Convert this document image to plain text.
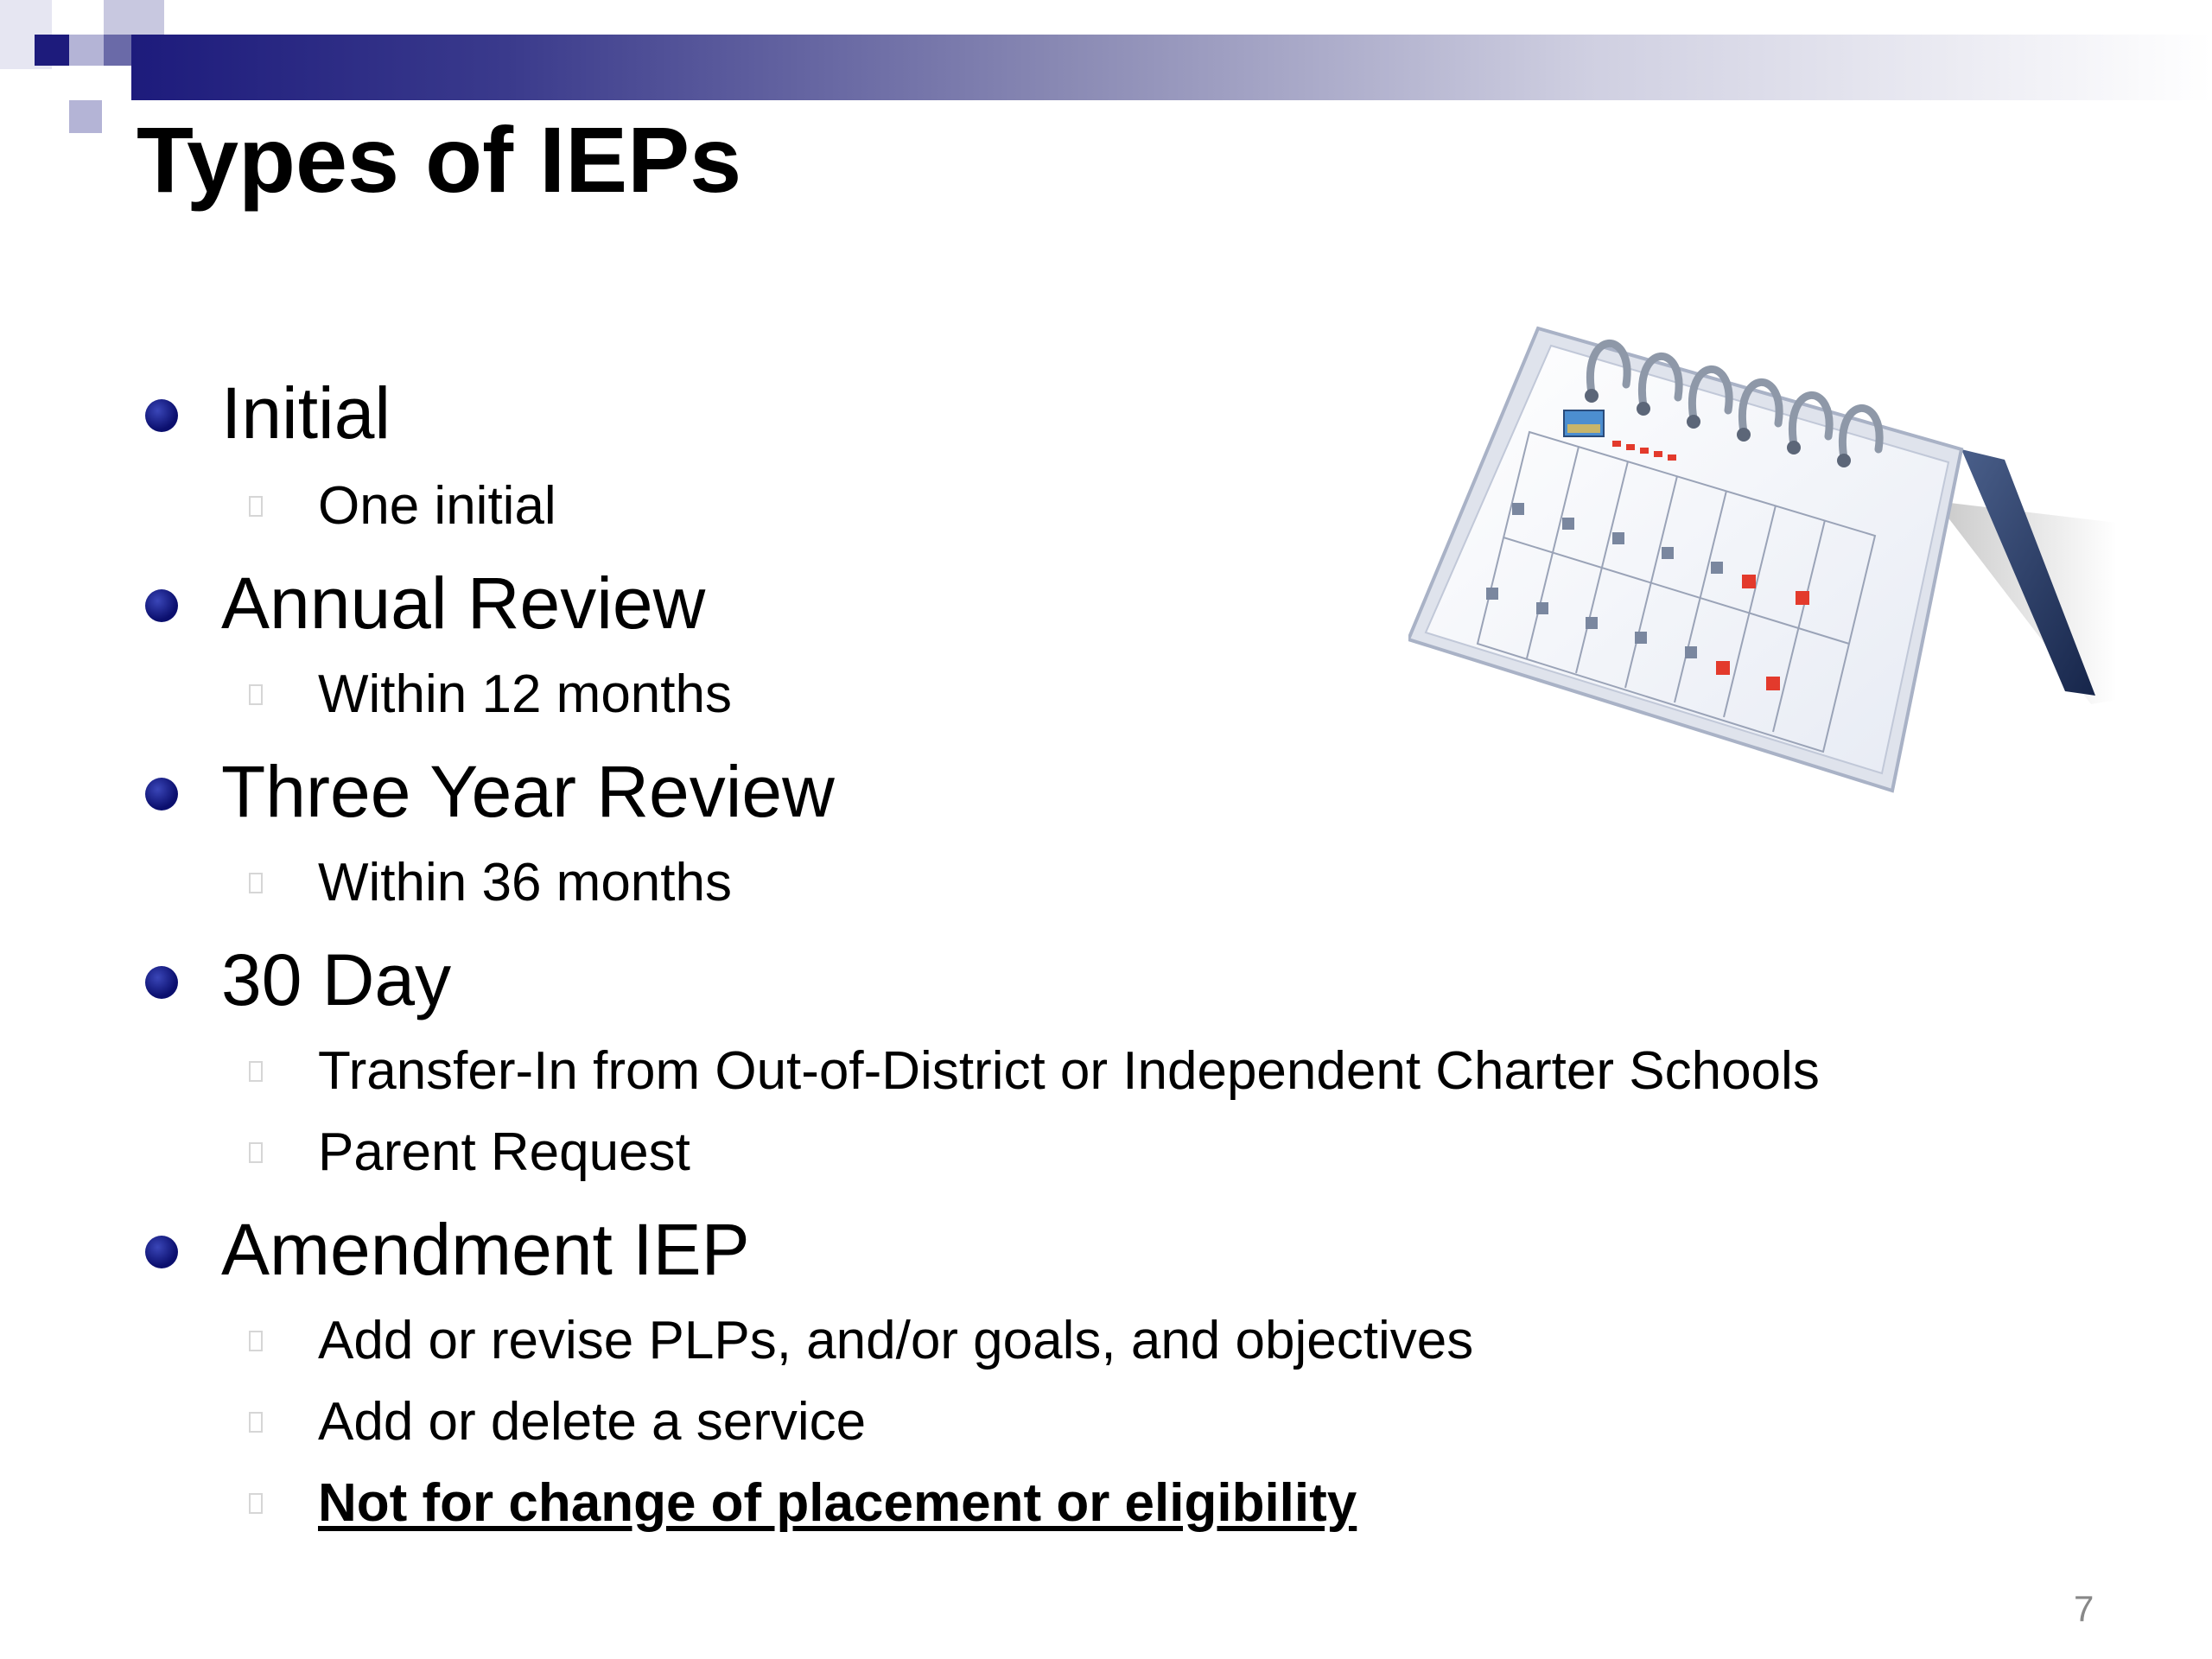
Types of IEPs
Initial
One initial
Annual Review
Within 12 months
Three Year Review
Within 36 months
30 Day
Transfer-In from Out-of-District or Independent Charter Schools
Parent Request
Amendment IEP
Add or revise PLPs, and/or goals, and objectives
Add or delete a service
Not for change of placement or eligibility
7
